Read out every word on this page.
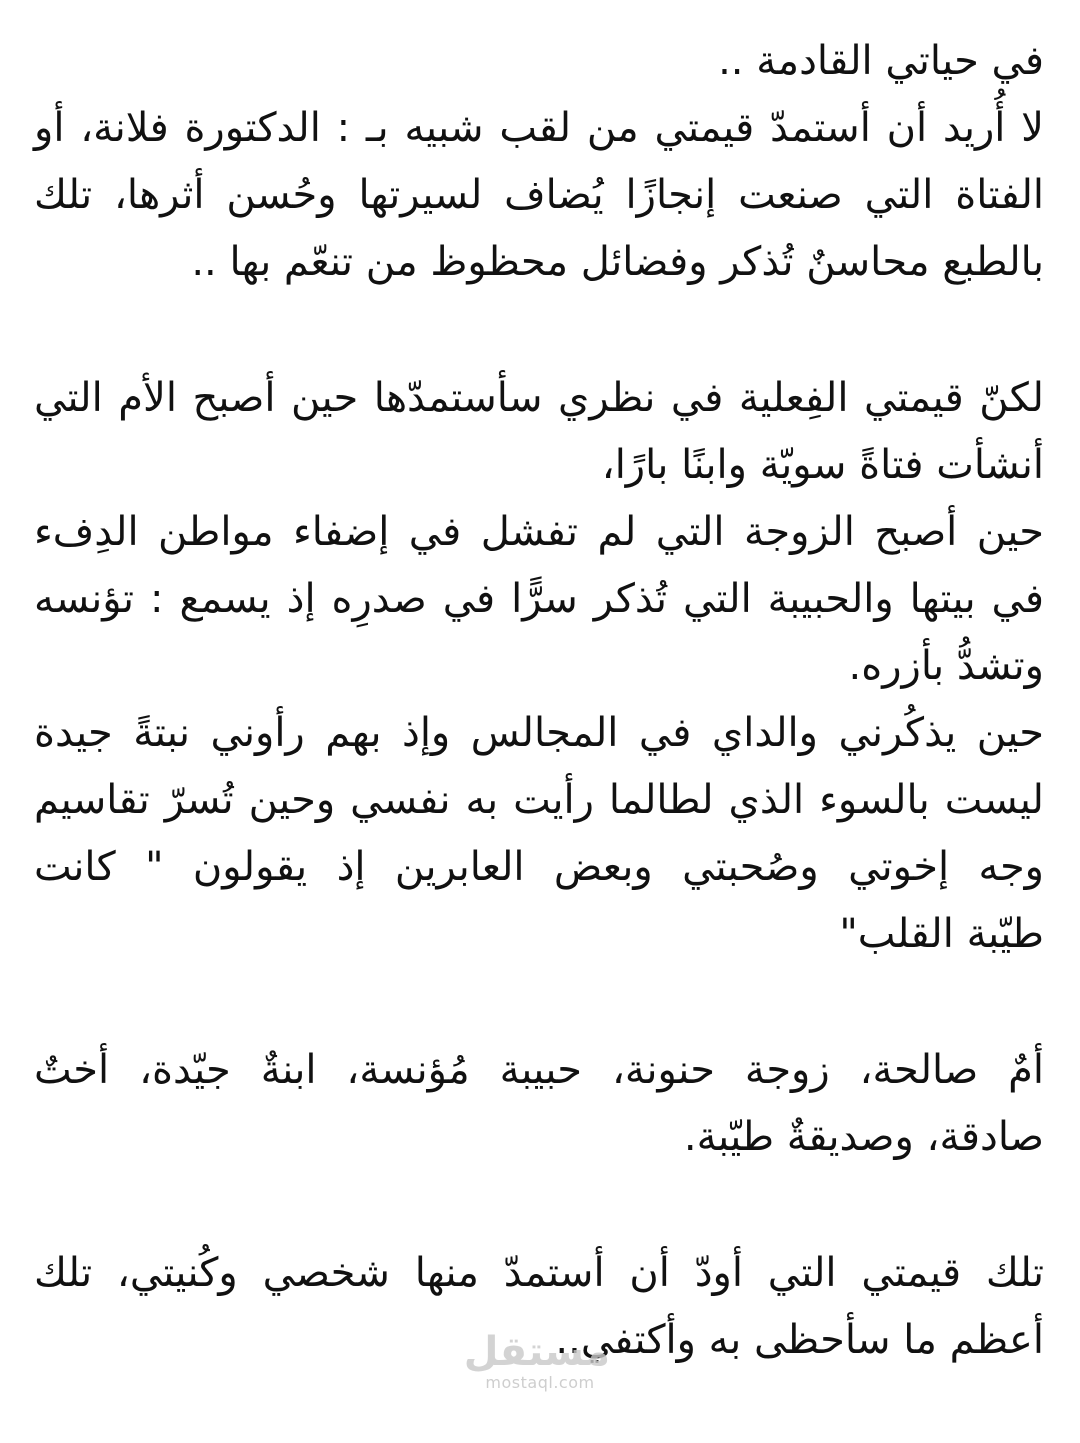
في حياتي القادمة ..
لا أُريد أن أستمدّ قيمتي من لقب شبيه بـ : الدكتورة فلانة، أو
الفتاة التي صنعت إنجازًا يُضاف لسيرتها وحُسن أثرها، تلك
بالطبع محاسنٌ تُذكر وفضائل محظوظ من تنعّم بها ..
لكنّ قيمتي الفِعلية في نظري سأستمدّها حين أصبح الأم التي
أنشأت فتاةً سويّة وابنًا بارًا،
حين أصبح الزوجة التي لم تفشل في إضفاء مواطن الدِفء
في بيتها والحبيبة التي تُذكر سرًّا في صدرِه إذ يسمع : تؤنسه
وتشدُّ بأزره.
حين يذكُرني والداي في المجالس وإذ بهم رأوني نبتةً جيدة
ليست بالسوء الذي لطالما رأيت به نفسي وحين تُسرّ تقاسيم
وجه إخوتي وصُحبتي وبعض العابرين إذ يقولون " كانت
طيّبة القلب"
أمٌ صالحة، زوجة حنونة، حبيبة مُؤنسة، ابنةٌ جيّدة، أختٌ
صادقة، وصديقةٌ طيّبة.
تلك قيمتي التي أودّ أن أستمدّ منها شخصي وكُنيتي، تلك
أعظم ما سأحظى به وأكتفي..
مستقل
mostaql.com
